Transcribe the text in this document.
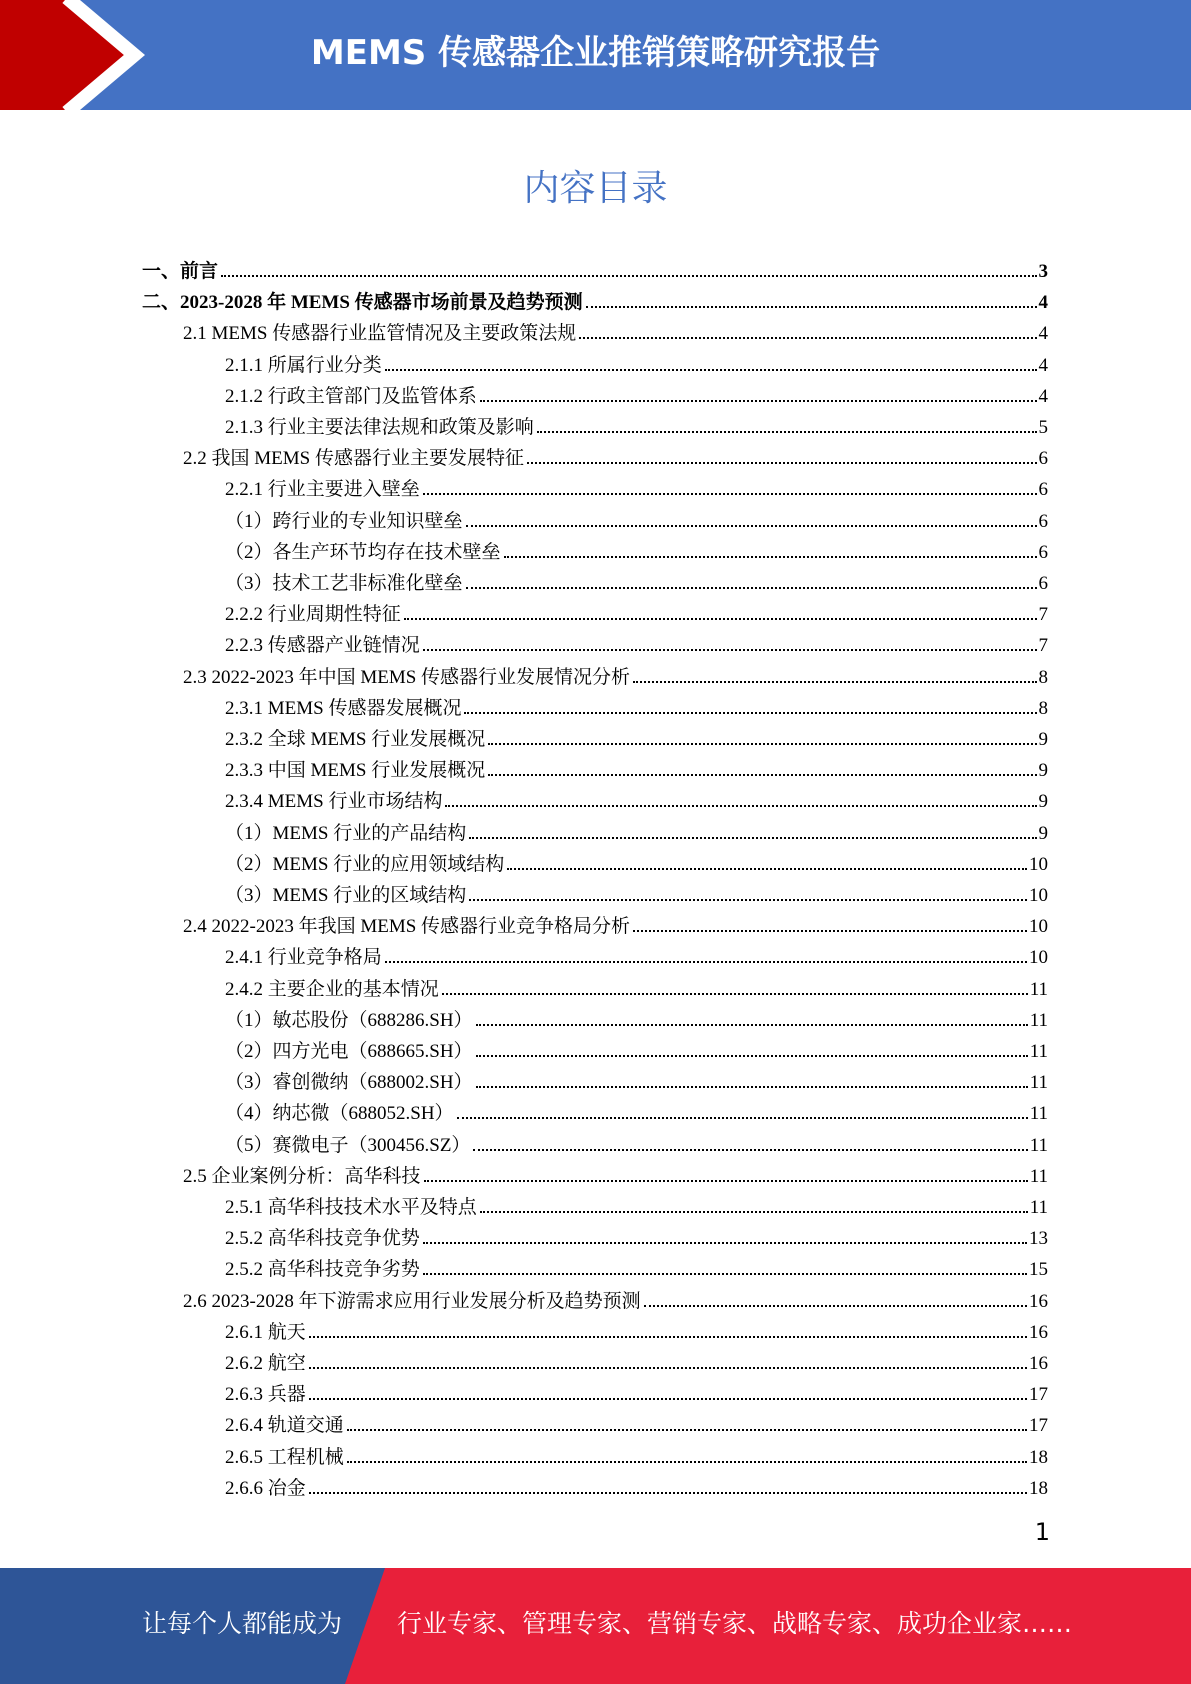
MEMS 传感器企业推销策略研究报告
内容目录
一、前言	3
二、2023-2028 年 MEMS 传感器市场前景及趋势预测	4
2.1 MEMS 传感器行业监管情况及主要政策法规	4
2.1.1 所属行业分类	4
2.1.2 行政主管部门及监管体系	4
2.1.3 行业主要法律法规和政策及影响	5
2.2 我国 MEMS 传感器行业主要发展特征	6
2.2.1 行业主要进入壁垒	6
（1）跨行业的专业知识壁垒	6
（2）各生产环节均存在技术壁垒	6
（3）技术工艺非标准化壁垒	6
2.2.2 行业周期性特征	7
2.2.3 传感器产业链情况	7
2.3 2022-2023 年中国 MEMS 传感器行业发展情况分析	8
2.3.1 MEMS 传感器发展概况	8
2.3.2 全球 MEMS 行业发展概况	9
2.3.3 中国 MEMS 行业发展概况	9
2.3.4 MEMS 行业市场结构	9
（1）MEMS 行业的产品结构	9
（2）MEMS 行业的应用领域结构	10
（3）MEMS 行业的区域结构	10
2.4 2022-2023 年我国 MEMS 传感器行业竞争格局分析	10
2.4.1 行业竞争格局	10
2.4.2 主要企业的基本情况	11
（1）敏芯股份（688286.SH）	11
（2）四方光电（688665.SH）	11
（3）睿创微纳（688002.SH）	11
（4）纳芯微（688052.SH）	11
（5）赛微电子（300456.SZ）	11
2.5 企业案例分析：高华科技	11
2.5.1 高华科技技术水平及特点	11
2.5.2 高华科技竞争优势	13
2.5.2 高华科技竞争劣势	15
2.6 2023-2028 年下游需求应用行业发展分析及趋势预测	16
2.6.1 航天	16
2.6.2 航空	16
2.6.3 兵器	17
2.6.4 轨道交通	17
2.6.5 工程机械	18
2.6.6 冶金	18
1
让每个人都能成为 行业专家、管理专家、营销专家、战略专家、成功企业家……
